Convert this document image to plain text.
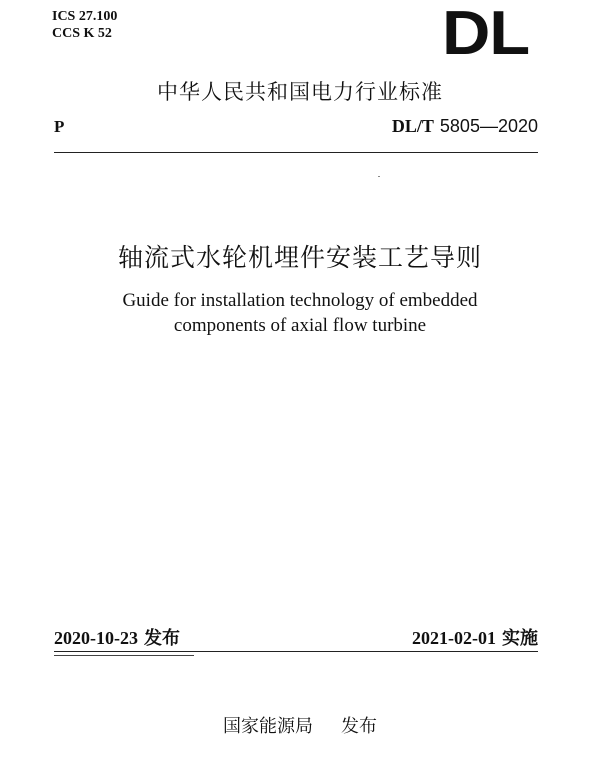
ICS 27.100
CCS K 52	DL
中华人民共和国电力行业标准
P	DL/T 5805—2020
轴流式水轮机埋件安装工艺导则
Guide for installation technology of embedded
components of axial flow turbine
2020-10-23 发布	2021-02-01 实施
国家能源局 发布
